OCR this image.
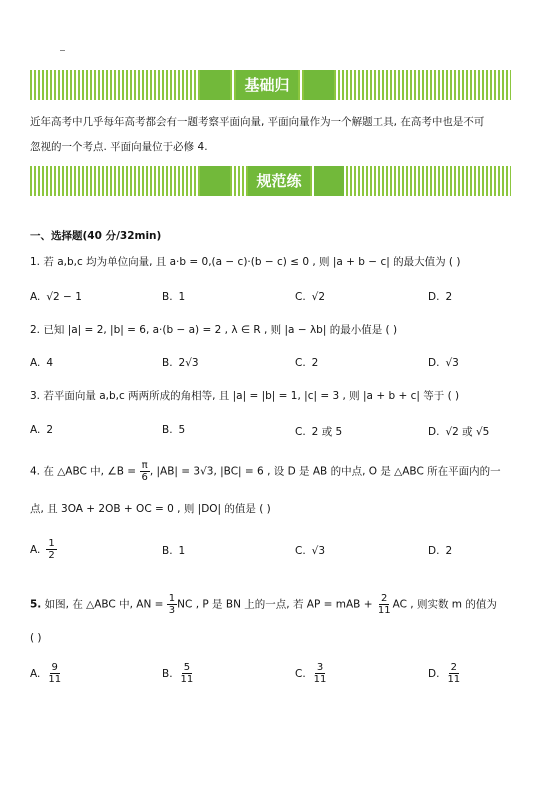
基础归
近年高考中几乎每年高考都会有一题考察平面向量, 平面向量作为一个解题工具, 在高考中也是不可
忽视的一个考点. 平面向量位于必修 4.
规范练
一、选择题(40 分/32min)
1. 若 a,b,c 均为单位向量, 且 a·b = 0,(a − c)·(b − c) ≤ 0 , 则 |a + b − c| 的最大值为 ( )
A. √2 − 1	B. 1	C. √2	D. 2
2. 已知 |a| = 2, |b| = 6, a·(b − a) = 2 , λ ∈ R , 则 |a − λb| 的最小值是 ( )
A. 4	B. 2√3	C. 2	D. √3
3. 若平面向量 a,b,c 两两所成的角相等, 且 |a| = |b| = 1, |c| = 3 , 则 |a + b + c| 等于 ( )
A. 2	B. 5	C. 2 或 5	D. √2 或 √5
4. 在 △ABC 中, ∠B = $\frac{\pi}{6}$ , |AB| = 3√3, |BC| = 6 , 设 D 是 AB 的中点, O 是 △ABC 所在平面内的一
点, 且 3OA + 2OB + OC = 0 , 则 |DO| 的值是 ( )
A. $\frac{1}{2}$	B. 1	C. √3	D. 2
5. 如图, 在 △ABC 中, AN = $\frac{1}{3}$ NC , P 是 BN 上的一点, 若 AP = mAB + $\frac{2}{11}$ AC , 则实数 m 的值为
( )
A. $\frac{9}{11}$	B. $\frac{5}{11}$	C. $\frac{3}{11}$	D. $\frac{2}{11}$
